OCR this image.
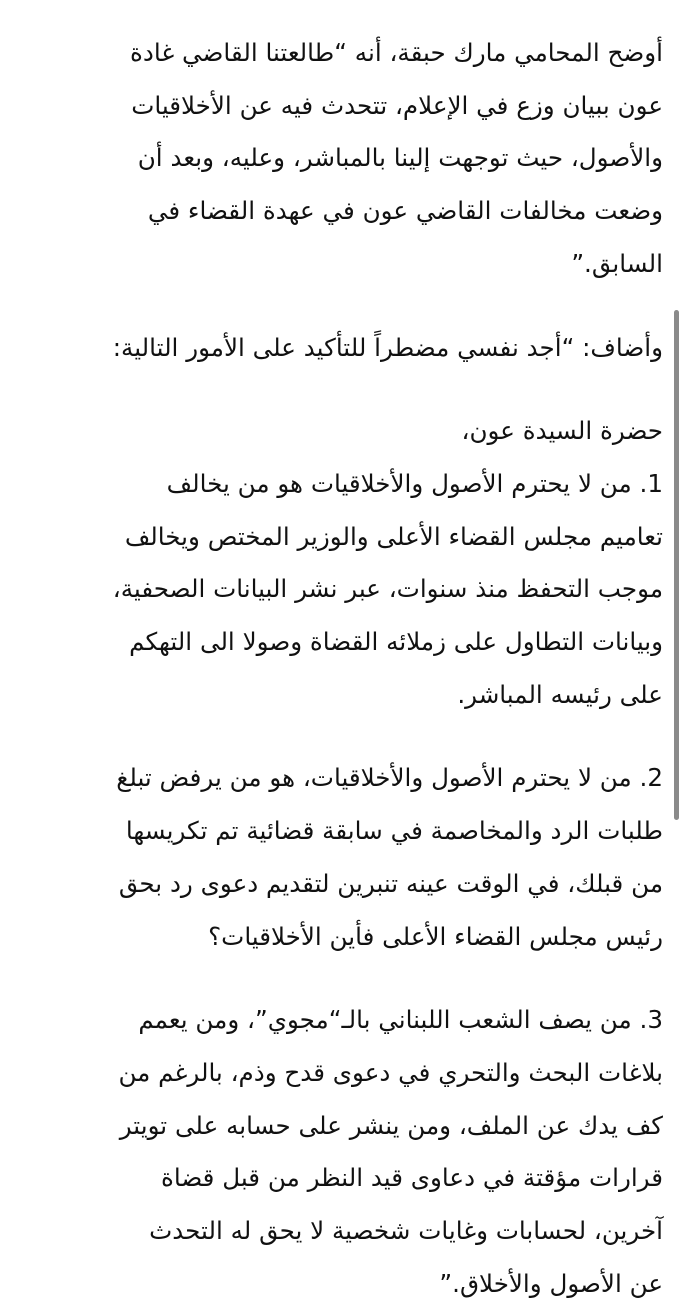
أوضح المحامي مارك حبقة، أنه “طالعتنا القاضي غادة
عون ببيان وزع في الإعلام، تتحدث فيه عن الأخلاقيات
والأصول، حيث توجهت إلينا بالمباشر، وعليه، وبعد أن
وضعت مخالفات القاضي عون في عهدة القضاء في
السابق.”

وأضاف: “أجد نفسي مضطراً للتأكيد على الأمور التالية:

حضرة السيدة عون،
1. من لا يحترم الأصول والأخلاقيات هو من يخالف
تعاميم مجلس القضاء الأعلى والوزير المختص ويخالف
موجب التحفظ منذ سنوات، عبر نشر البيانات الصحفية،
وبيانات التطاول على زملائه القضاة وصولا الى التهكم
على رئيسه المباشر.

2. من لا يحترم الأصول والأخلاقيات، هو من يرفض تبلغ
طلبات الرد والمخاصمة في سابقة قضائية تم تكريسها
من قبلك، في الوقت عينه تنبرين لتقديم دعوى رد بحق
رئيس مجلس القضاء الأعلى فأين الأخلاقيات؟

3. من يصف الشعب اللبناني بالـ“مجوي”، ومن يعمم
بلاغات البحث والتحري في دعوى قدح وذم، بالرغم من
كف يدك عن الملف، ومن ينشر على حسابه على تويتر
قرارات مؤقتة في دعاوى قيد النظر من قبل قضاة
آخرين، لحسابات وغايات شخصية لا يحق له التحدث
عن الأصول والأخلاق.”
